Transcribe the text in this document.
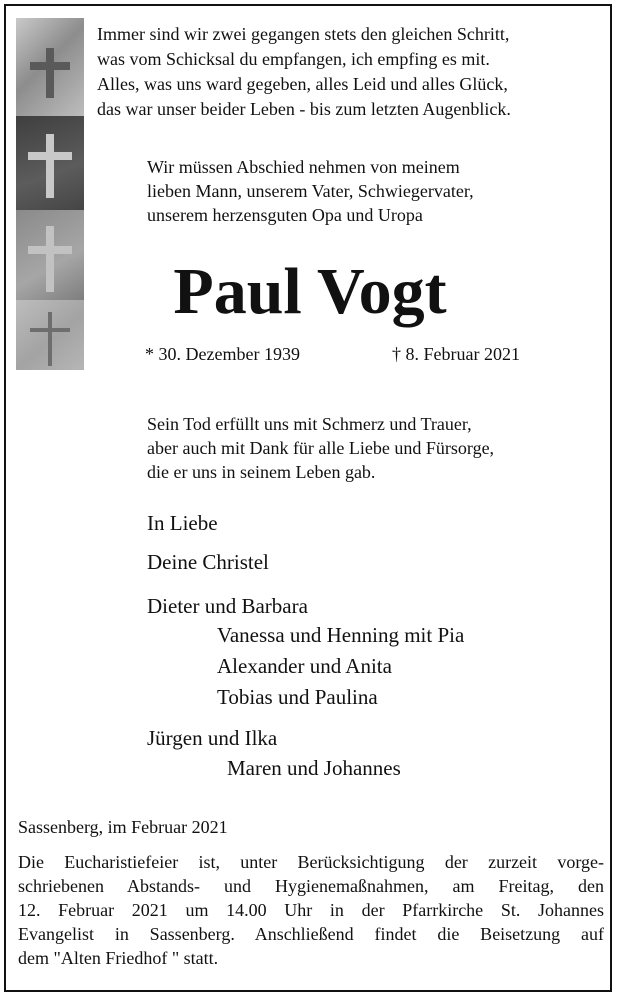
Immer sind wir zwei gegangen stets den gleichen Schritt,
was vom Schicksal du empfangen, ich empfing es mit.
Alles, was uns ward gegeben, alles Leid und alles Glück,
das war unser beider Leben - bis zum letzten Augenblick.
Wir müssen Abschied nehmen von meinem
lieben Mann, unserem Vater, Schwiegervater,
unserem herzensguten Opa und Uropa
Paul Vogt
* 30. Dezember 1939	† 8. Februar 2021
Sein Tod erfüllt uns mit Schmerz und Trauer,
aber auch mit Dank für alle Liebe und Fürsorge,
die er uns in seinem Leben gab.
In Liebe
Deine Christel
Dieter und Barbara
Vanessa und Henning mit Pia
Alexander und Anita
Tobias und Paulina
Jürgen und Ilka
Maren und Johannes
Sassenberg, im Februar 2021
Die Eucharistiefeier ist, unter Berücksichtigung der zurzeit vorge-
schriebenen Abstands- und Hygienemaßnahmen, am Freitag, den
12. Februar 2021 um 14.00 Uhr in der Pfarrkirche St. Johannes
Evangelist in Sassenberg. Anschließend findet die Beisetzung auf
dem "Alten Friedhof " statt.
